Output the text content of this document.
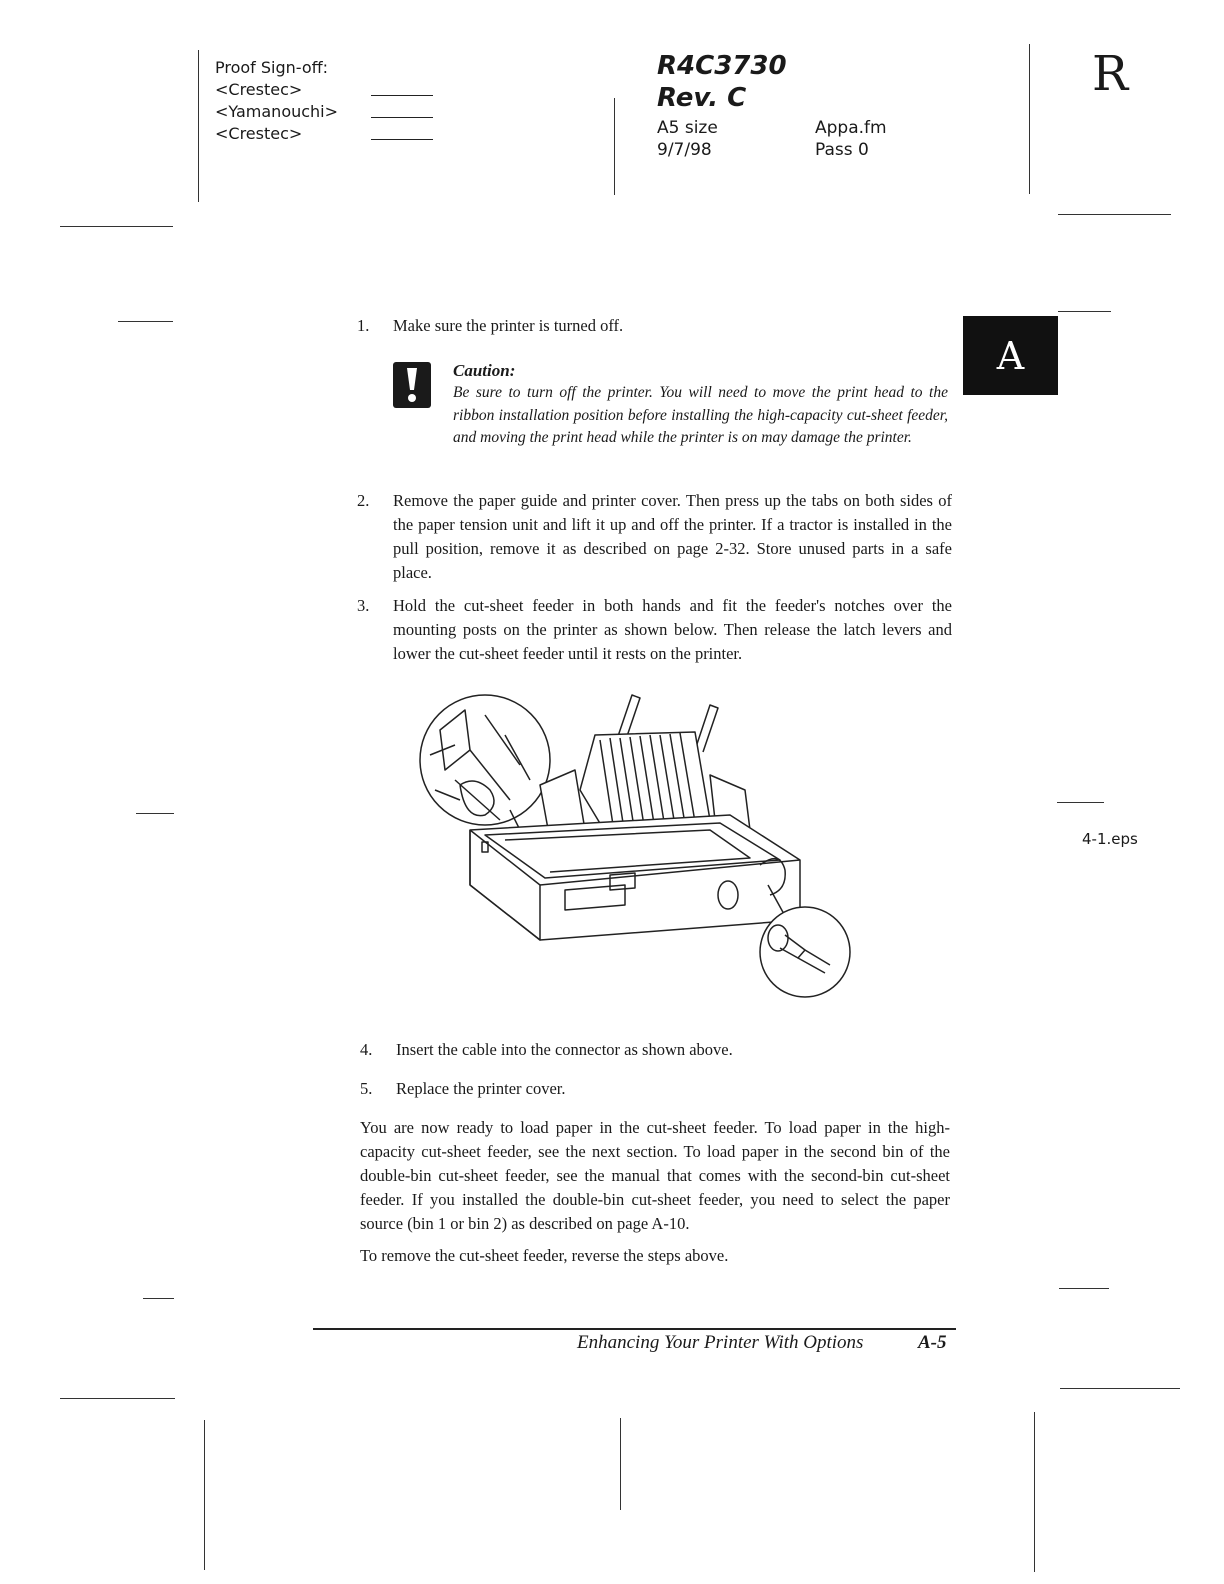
Proof Sign-off:
<Crestec>
<Yamanouchi>
<Crestec>
R4C3730
Rev. C
A5 size
9/7/98
Appa.fm
Pass 0
R
A
1.	Make sure the printer is turned off.
Caution:
Be sure to turn off the printer. You will need to move the print head to the ribbon installation position before installing the high-capacity cut-sheet feeder, and moving the print head while the printer is on may damage the printer.
2.	Remove the paper guide and printer cover. Then press up the tabs on both sides of the paper tension unit and lift it up and off the printer. If a tractor is installed in the pull position, remove it as described on page 2-32. Store unused parts in a safe place.
3.	Hold the cut-sheet feeder in both hands and fit the feeder's notches over the mounting posts on the printer as shown below. Then release the latch levers and lower the cut-sheet feeder until it rests on the printer.
4-1.eps
4.	Insert the cable into the connector as shown above.
5.	Replace the printer cover.
You are now ready to load paper in the cut-sheet feeder. To load paper in the high-capacity cut-sheet feeder, see the next section. To load paper in the second bin of the double-bin cut-sheet feeder, see the manual that comes with the second-bin cut-sheet feeder. If you installed the double-bin cut-sheet feeder, you need to select the paper source (bin 1 or bin 2) as described on page A-10.
To remove the cut-sheet feeder, reverse the steps above.
Enhancing Your Printer With Options	A-5
